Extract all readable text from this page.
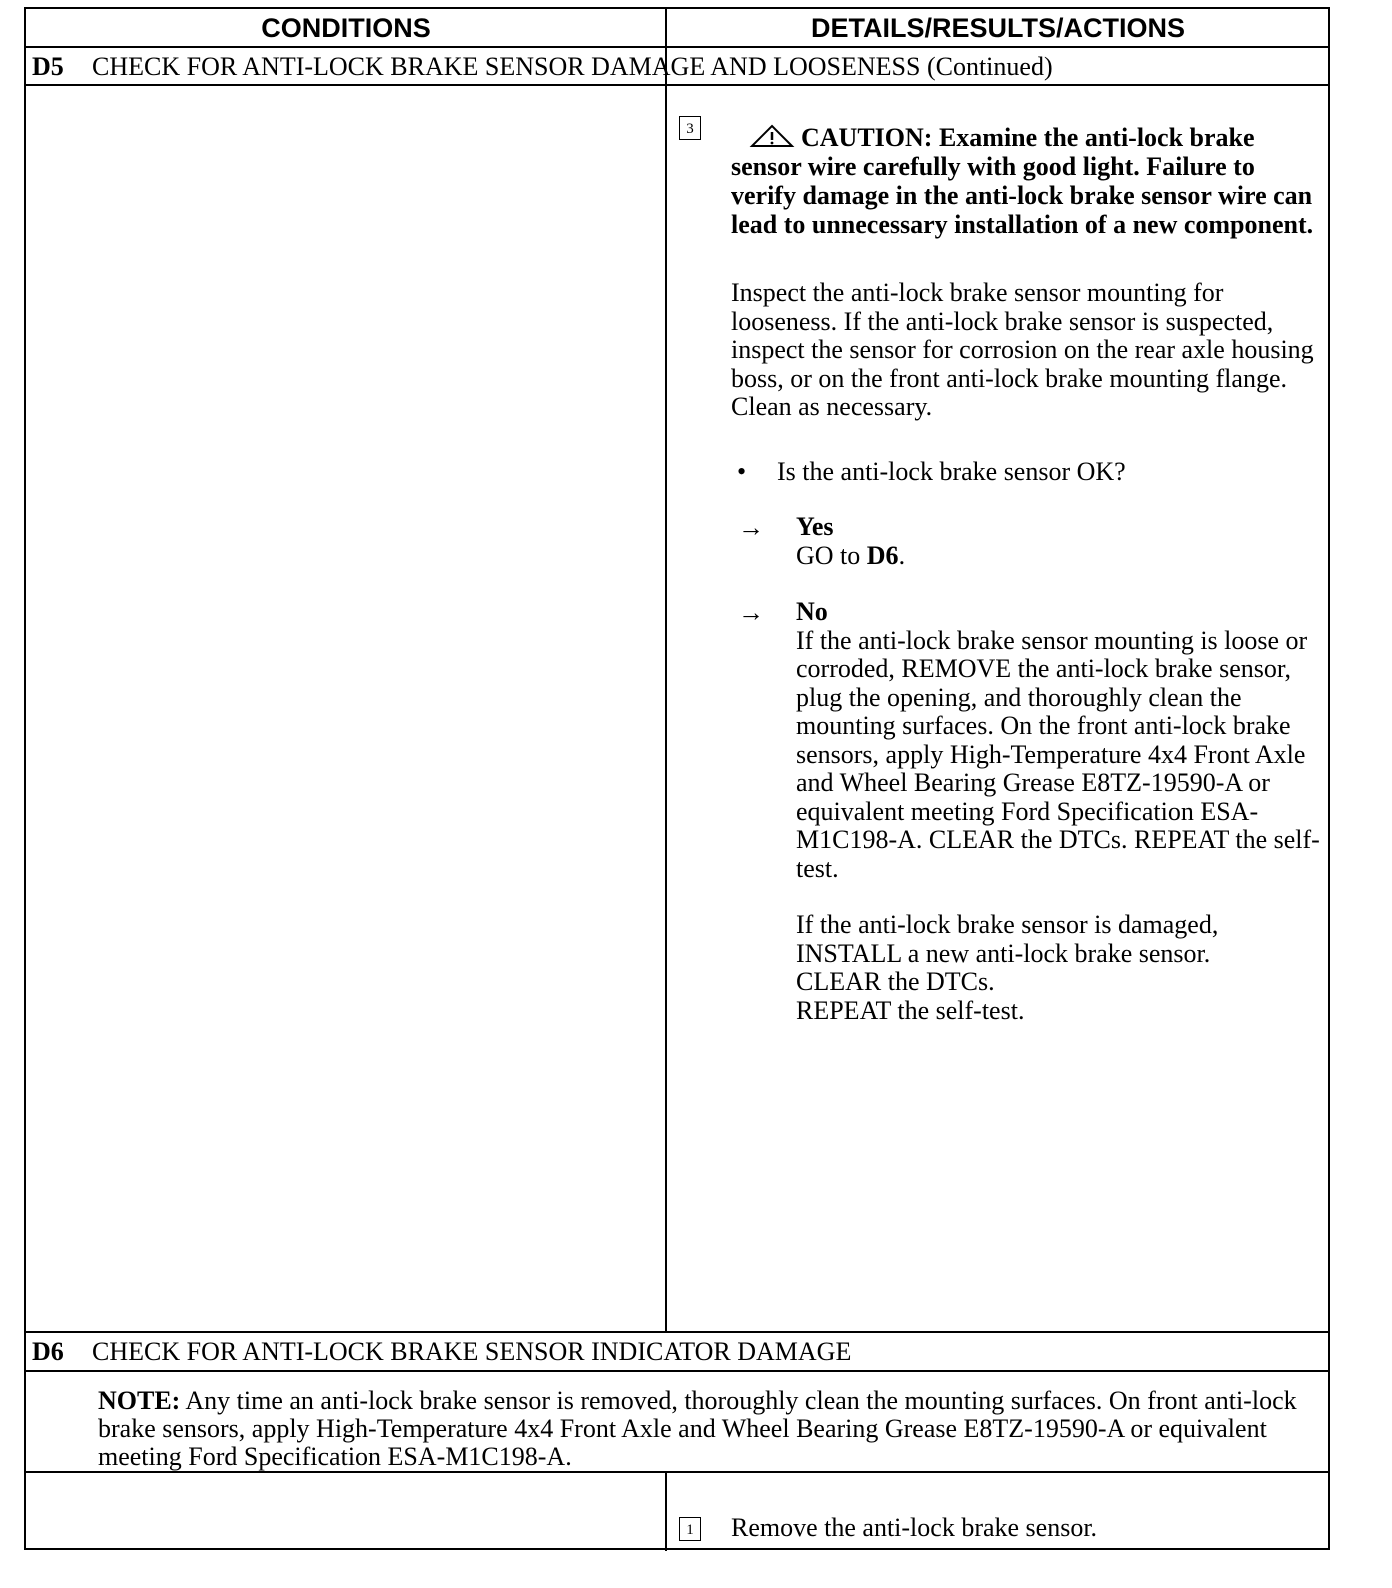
CONDITIONS	DETAILS/RESULTS/ACTIONS
D5 CHECK FOR ANTI-LOCK BRAKE SENSOR DAMAGE AND LOOSENESS (Continued)
3	CAUTION: Examine the anti-lock brake sensor wire carefully with good light. Failure to verify damage in the anti-lock brake sensor wire can lead to unnecessary installation of a new component.
Inspect the anti-lock brake sensor mounting for looseness. If the anti-lock brake sensor is suspected, inspect the sensor for corrosion on the rear axle housing boss, or on the front anti-lock brake mounting flange. Clean as necessary.
• Is the anti-lock brake sensor OK?
→ Yes
GO to D6.
→ No
If the anti-lock brake sensor mounting is loose or corroded, REMOVE the anti-lock brake sensor, plug the opening, and thoroughly clean the mounting surfaces. On the front anti-lock brake sensors, apply High-Temperature 4x4 Front Axle and Wheel Bearing Grease E8TZ-19590-A or equivalent meeting Ford Specification ESA-M1C198-A. CLEAR the DTCs. REPEAT the self-test.
If the anti-lock brake sensor is damaged, INSTALL a new anti-lock brake sensor.
CLEAR the DTCs.
REPEAT the self-test.
D6 CHECK FOR ANTI-LOCK BRAKE SENSOR INDICATOR DAMAGE
NOTE: Any time an anti-lock brake sensor is removed, thoroughly clean the mounting surfaces. On front anti-lock brake sensors, apply High-Temperature 4x4 Front Axle and Wheel Bearing Grease E8TZ-19590-A or equivalent meeting Ford Specification ESA-M1C198-A.
1 Remove the anti-lock brake sensor.
